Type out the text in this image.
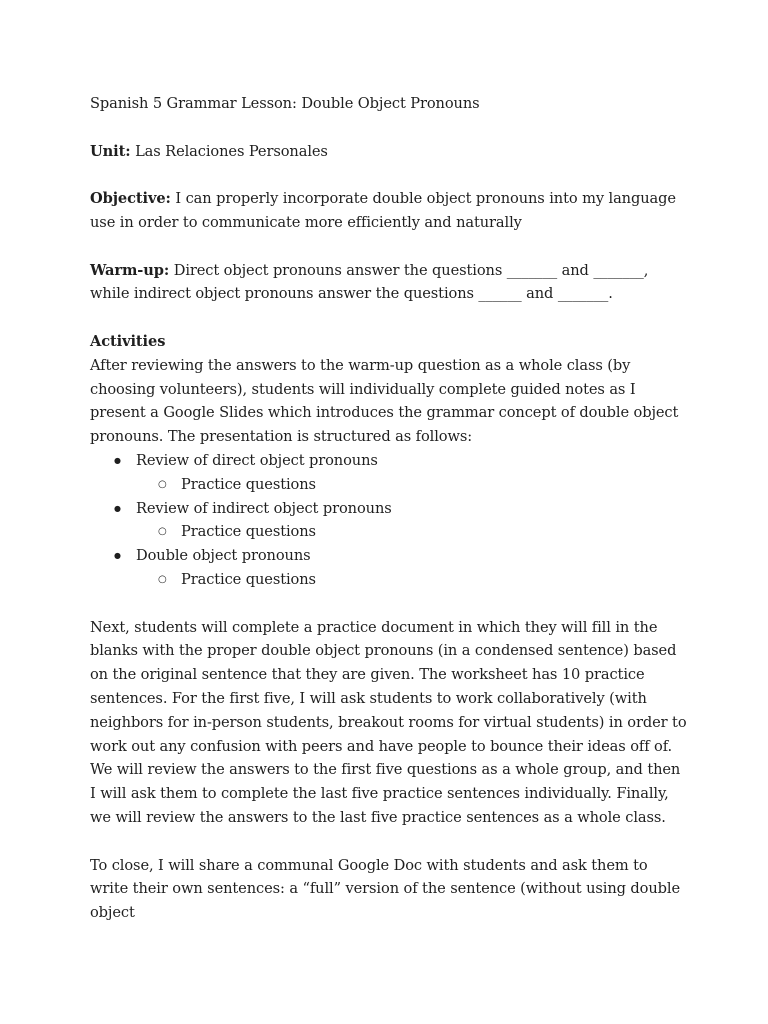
Spanish 5 Grammar Lesson: Double Object Pronouns

Unit: Las Relaciones Personales

Objective: I can properly incorporate double object pronouns into my language use in order to communicate more efficiently and naturally

Warm-up: Direct object pronouns answer the questions _______ and _______, while indirect object pronouns answer the questions ______ and _______.

Activities

After reviewing the answers to the warm-up question as a whole class (by choosing volunteers), students will individually complete guided notes as I present a Google Slides which introduces the grammar concept of double object pronouns. The presentation is structured as follows:

● Review of direct object pronouns
○ Practice questions
● Review of indirect object pronouns
○ Practice questions
● Double object pronouns
○ Practice questions

Next, students will complete a practice document in which they will fill in the blanks with the proper double object pronouns (in a condensed sentence) based on the original sentence that they are given. The worksheet has 10 practice sentences. For the first five, I will ask students to work collaboratively (with neighbors for in-person students, breakout rooms for virtual students) in order to work out any confusion with peers and have people to bounce their ideas off of. We will review the answers to the first five questions as a whole group, and then I will ask them to complete the last five practice sentences individually. Finally, we will review the answers to the last five practice sentences as a whole class.

To close, I will share a communal Google Doc with students and ask them to write their own sentences: a “full” version of the sentence (without using double object
